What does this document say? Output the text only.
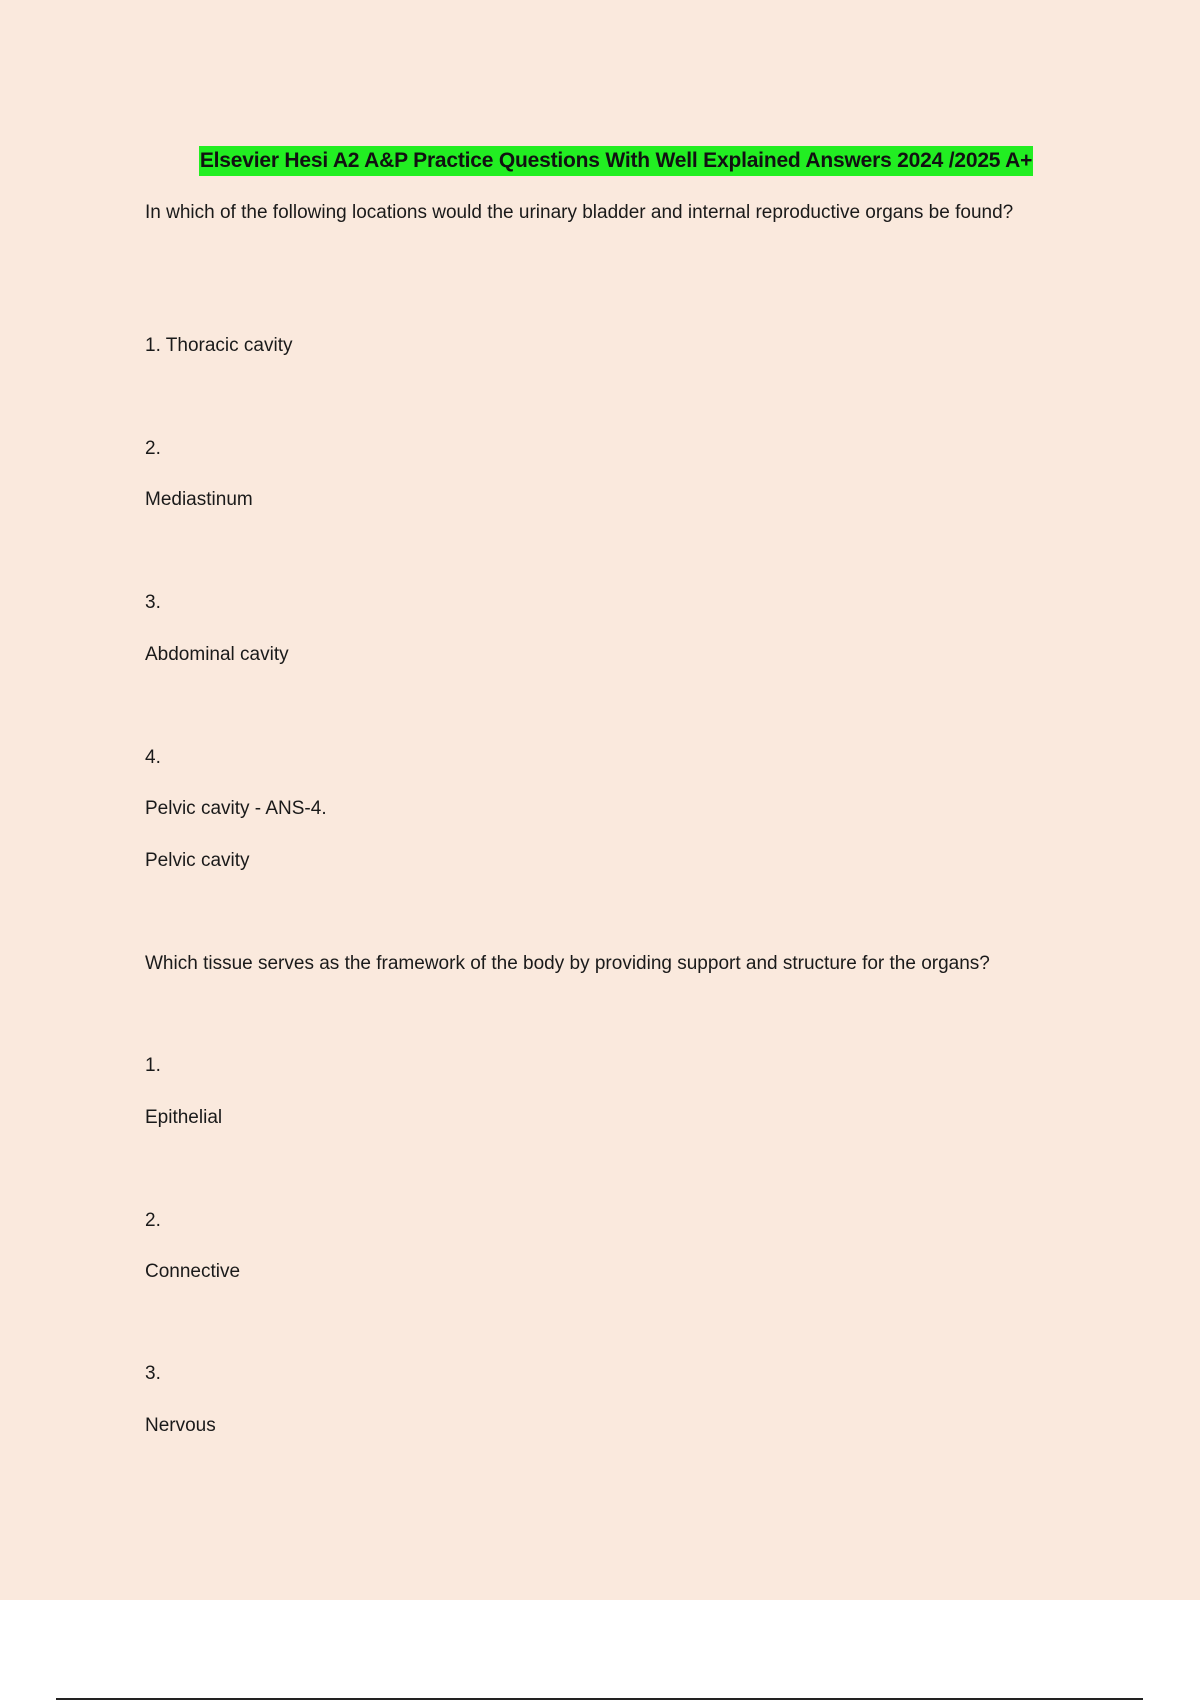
Elsevier Hesi A2 A&P Practice Questions With Well Explained Answers 2024 /2025 A+
In which of the following locations would the urinary bladder and internal reproductive organs be found?
1. Thoracic cavity
2.
Mediastinum
3.
Abdominal cavity
4.
Pelvic cavity - ANS-4.
Pelvic cavity
Which tissue serves as the framework of the body by providing support and structure for the organs?
1.
Epithelial
2.
Connective
3.
Nervous
